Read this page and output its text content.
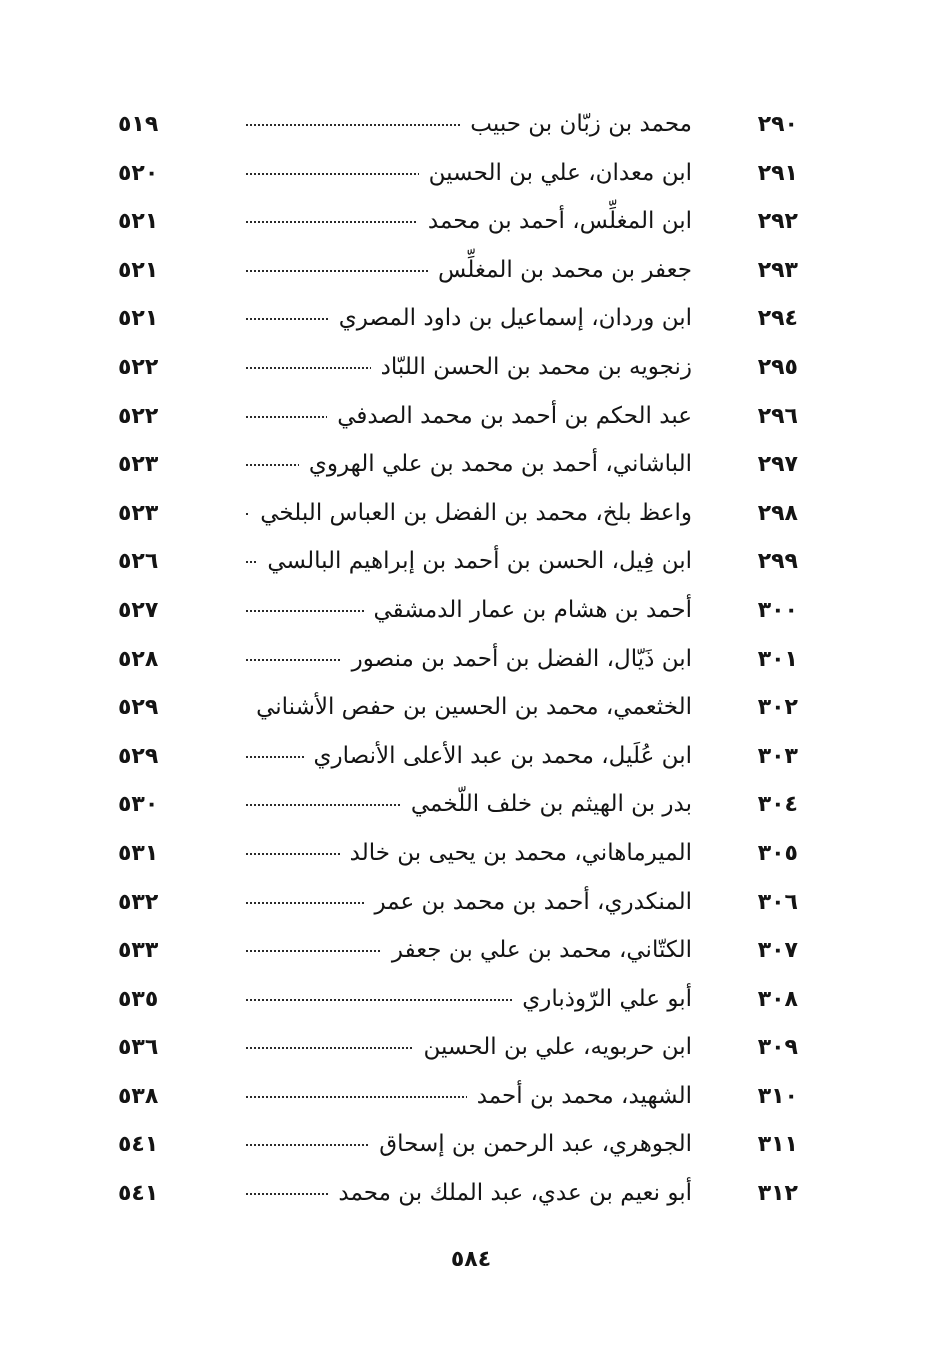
٢٩٠
محمد بن زبّان بن حبيب
٥١٩
٢٩١
ابن معدان، علي بن الحسين
٥٢٠
٢٩٢
ابن المغلِّس، أحمد بن محمد
٥٢١
٢٩٣
جعفر بن محمد بن المغلِّس
٥٢١
٢٩٤
ابن وردان، إسماعيل بن داود المصري
٥٢١
٢٩٥
زنجويه بن محمد بن الحسن اللبّاد
٥٢٢
٢٩٦
عبد الحكم بن أحمد بن محمد الصدفي
٥٢٢
٢٩٧
الباشاني، أحمد بن محمد بن علي الهروي
٥٢٣
٢٩٨
واعظ بلخ، محمد بن الفضل بن العباس البلخي
٥٢٣
٢٩٩
ابن فِيل، الحسن بن أحمد بن إبراهيم البالسي
٥٢٦
٣٠٠
أحمد بن هشام بن عمار الدمشقي
٥٢٧
٣٠١
ابن ذَيّال، الفضل بن أحمد بن منصور
٥٢٨
٣٠٢
الخثعمي، محمد بن الحسين بن حفص الأشناني
٥٢٩
٣٠٣
ابن عُلَيل، محمد بن عبد الأعلى الأنصاري
٥٢٩
٣٠٤
بدر بن الهيثم بن خلف اللّخمي
٥٣٠
٣٠٥
الميرماهاني، محمد بن يحيى بن خالد
٥٣١
٣٠٦
المنكدري، أحمد بن محمد بن عمر
٥٣٢
٣٠٧
الكتّاني، محمد بن علي بن جعفر
٥٣٣
٣٠٨
أبو علي الرّوذباري
٥٣٥
٣٠٩
ابن حربويه، علي بن الحسين
٥٣٦
٣١٠
الشهيد، محمد بن أحمد
٥٣٨
٣١١
الجوهري، عبد الرحمن بن إسحاق
٥٤١
٣١٢
أبو نعيم بن عدي، عبد الملك بن محمد
٥٤١
٥٨٤
